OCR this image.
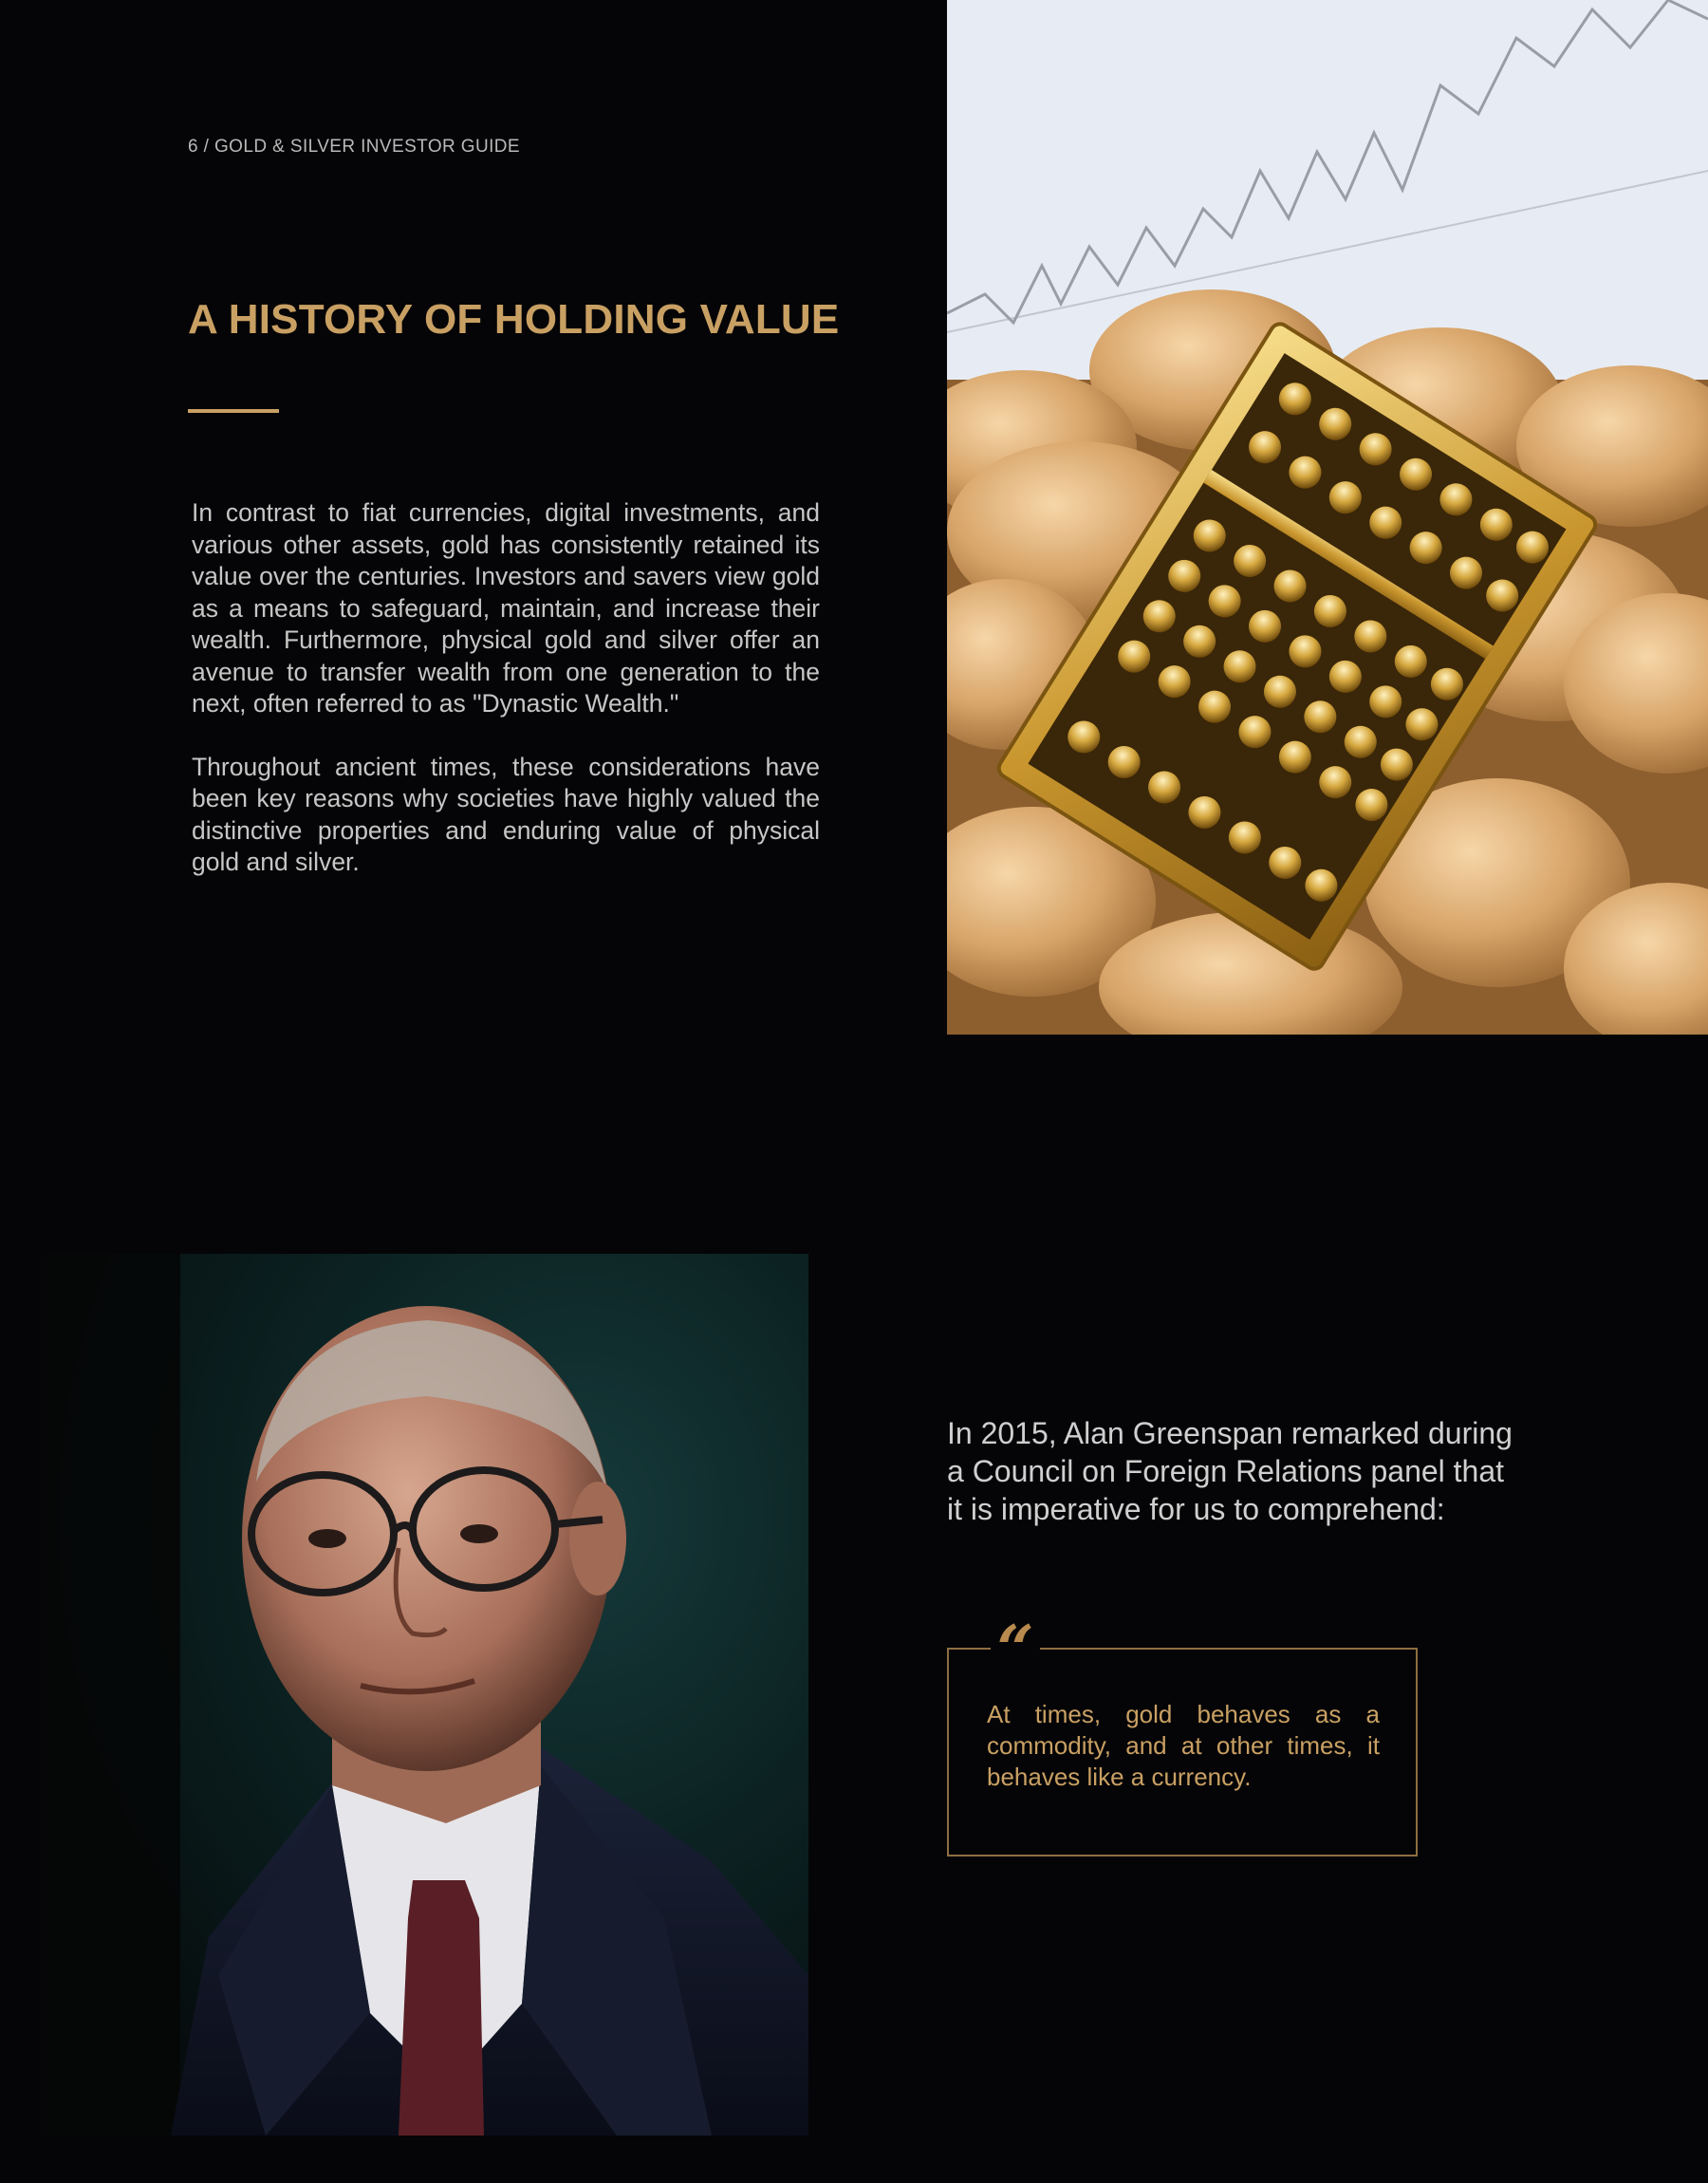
6 / GOLD & SILVER INVESTOR GUIDE
A HISTORY OF HOLDING VALUE

In contrast to fiat currencies, digital investments, and various other assets, gold has consistently retained its value over the centuries. Investors and savers view gold as a means to safeguard, maintain, and increase their wealth. Furthermore, physical gold and silver offer an avenue to transfer wealth from one generation to the next, often referred to as "Dynastic Wealth."

Throughout ancient times, these considerations have been key reasons why societies have highly valued the distinctive properties and enduring value of physical gold and silver.

In 2015, Alan Greenspan remarked during a Council on Foreign Relations panel that it is imperative for us to comprehend:

“

At times, gold behaves as a commodity, and at other times, it behaves like a currency.
